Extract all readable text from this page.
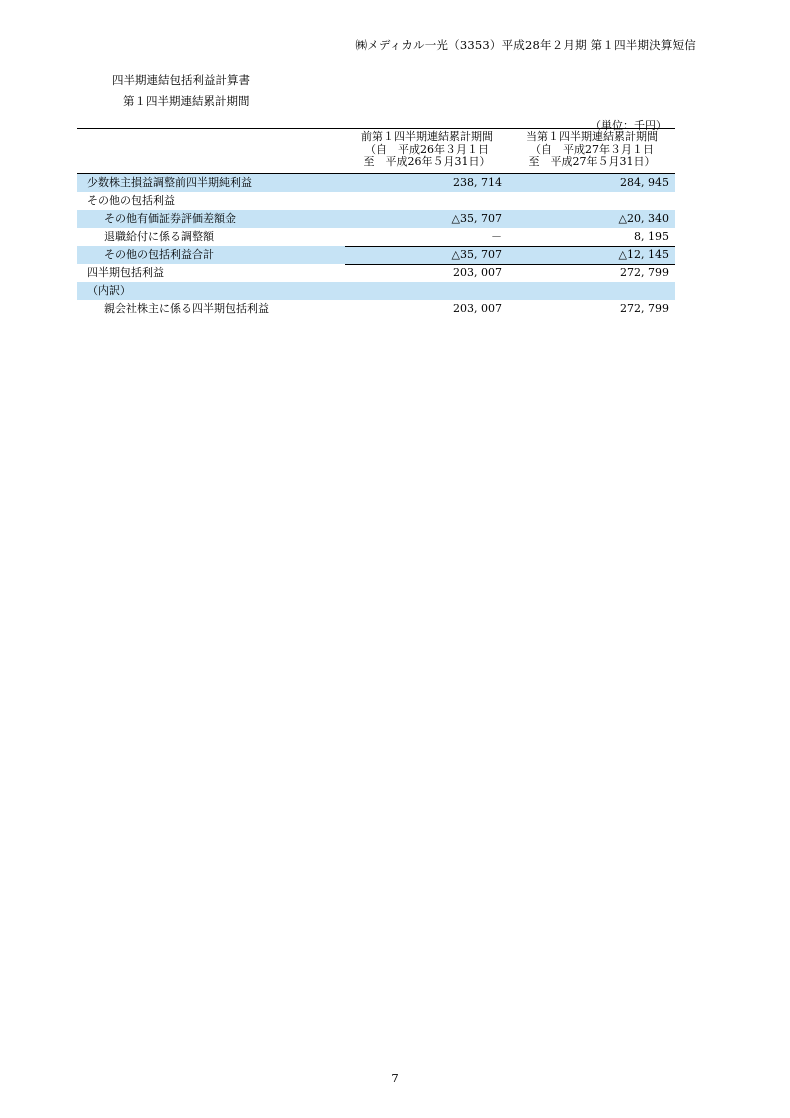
㈱メディカル一光（3353）平成28年２月期 第１四半期決算短信
四半期連結包括利益計算書
第１四半期連結累計期間
（単位：千円）
前第１四半期連結累計期間
（自　平成26年３月１日
至　平成26年５月31日）
当第１四半期連結累計期間
（自　平成27年３月１日
至　平成27年５月31日）
少数株主損益調整前四半期純利益	238, 714	284, 945
その他の包括利益
その他有価証券評価差額金	△35, 707	△20, 340
退職給付に係る調整額	－	8, 195
その他の包括利益合計	△35, 707	△12, 145
四半期包括利益	203, 007	272, 799
（内訳）
親会社株主に係る四半期包括利益	203, 007	272, 799
7
